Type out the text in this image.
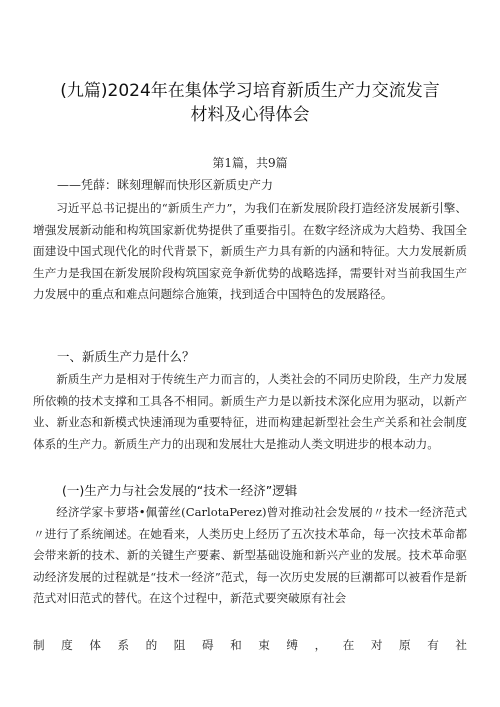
(九篇)2024年在集体学习培育新质生产力交流发言
材料及心得体会
第1篇，共9篇
——凭薛：眯刻理解而快形区新质史产力

习近平总书记提出的“新质生产力”，为我们在新发展阶段打造经济发展新引擎、增强发展新动能和构筑国家新优势提供了重要指引。在数字经济成为大趋势、我国全面建设中国式现代化的时代背景下，新质生产力具有新的内涵和特征。大力发展新质生产力是我国在新发展阶段构筑国家竞争新优势的战略选择，需要针对当前我国生产力发展中的重点和难点问题综合施策，找到适合中国特色的发展路径。

一、新质生产力是什么？

新质生产力是相对于传统生产力而言的，人类社会的不同历史阶段，生产力发展所依赖的技术支撑和工具各不相同。新质生产力是以新技术深化应用为驱动，以新产业、新业态和新模式快速涌现为重要特征，进而构建起新型社会生产关系和社会制度体系的生产力。新质生产力的出现和发展壮大是推动人类文明进步的根本动力。

(一)生产力与社会发展的“技术一经济”逻辑

经济学家卡萝塔•佩蕾丝(CarlotaPerez)曾对推动社会发展的〃技术一经济范式〃进行了系统阐述。在她看来，人类历史上经历了五次技术革命，每一次技术革命都会带来新的技术、新的关键生产要素、新型基础设施和新兴产业的发展。技术革命驱动经济发展的过程就是“技术一经济”范式，每一次历史发展的巨潮都可以被看作是新范式对旧范式的替代。在这个过程中，新范式要突破原有社会

制 度 体 系 的 阻 碍 和 束 缚 ， 在 对 原 有 社
